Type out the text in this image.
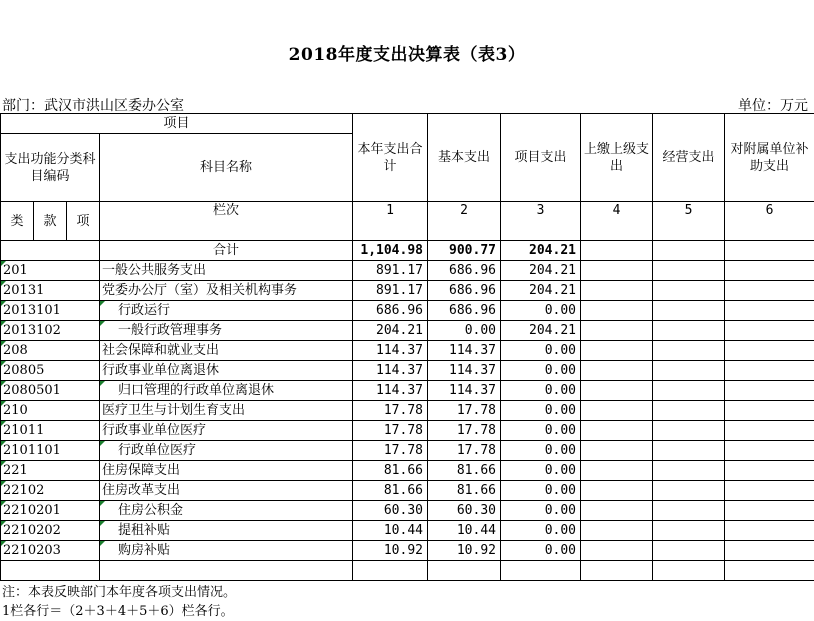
2018年度支出决算表（表3）
部门：武汉市洪山区委办公室	单位：万元
项目				本年支出合计	基本支出	项目支出	上缴上级支出	经营支出	对附属单位补助支出
支出功能分类科目编码			科目名称						
类	款	项	栏次	1	2	3	4	5	6
	合计	1,104.98	900.77	204.21			
201	一般公共服务支出	891.17	686.96	204.21			
20131	党委办公厅（室）及相关机构事务	891.17	686.96	204.21			
2013101	行政运行	686.96	686.96	0.00			
2013102	一般行政管理事务	204.21	0.00	204.21			
208	社会保障和就业支出	114.37	114.37	0.00			
20805	行政事业单位离退休	114.37	114.37	0.00			
2080501	归口管理的行政单位离退休	114.37	114.37	0.00			
210	医疗卫生与计划生育支出	17.78	17.78	0.00			
21011	行政事业单位医疗	17.78	17.78	0.00			
2101101	行政单位医疗	17.78	17.78	0.00			
221	住房保障支出	81.66	81.66	0.00			
22102	住房改革支出	81.66	81.66	0.00			
2210201	住房公积金	60.30	60.30	0.00			
2210202	提租补贴	10.44	10.44	0.00			
2210203	购房补贴	10.92	10.92	0.00			

注：本表反映部门本年度各项支出情况。
1栏各行＝（2＋3＋4＋5＋6）栏各行。
